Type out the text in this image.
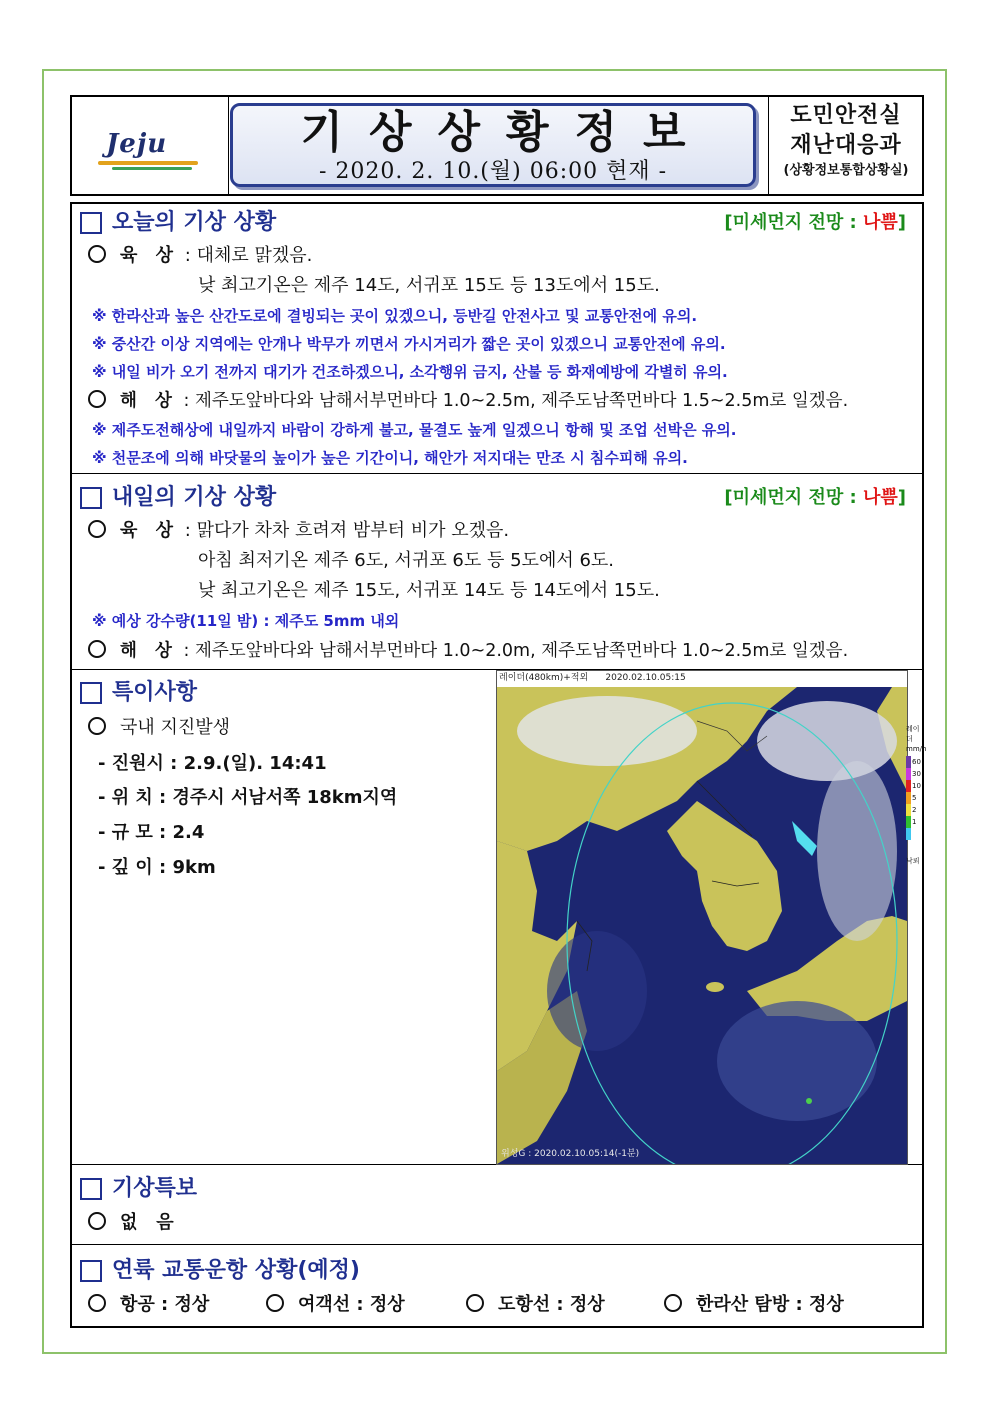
Jeju	기상상황정보
- 2020. 2. 10.(월) 06:00 현재 -
도민안전실
재난대응과
(상황정보통합상황실)
오늘의 기상 상황	[미세먼지 전망 : 나쁨]
육 상 : 대체로 맑겠음.
낮 최고기온은 제주 14도, 서귀포 15도 등 13도에서 15도.
※ 한라산과 높은 산간도로에 결빙되는 곳이 있겠으니, 등반길 안전사고 및 교통안전에 유의.
※ 중산간 이상 지역에는 안개나 박무가 끼면서 가시거리가 짧은 곳이 있겠으니 교통안전에 유의.
※ 내일 비가 오기 전까지 대기가 건조하겠으니, 소각행위 금지, 산불 등 화재예방에 각별히 유의.
해 상 : 제주도앞바다와 남해서부먼바다 1.0~2.5m, 제주도남쪽먼바다 1.5~2.5m로 일겠음.
※ 제주도전해상에 내일까지 바람이 강하게 불고, 물결도 높게 일겠으니 항해 및 조업 선박은 유의.
※ 천문조에 의해 바닷물의 높이가 높은 기간이니, 해안가 저지대는 만조 시 침수피해 유의.
내일의 기상 상황	[미세먼지 전망 : 나쁨]
육 상 : 맑다가 차차 흐려져 밤부터 비가 오겠음.
아침 최저기온 제주 6도, 서귀포 6도 등 5도에서 6도.
낮 최고기온은 제주 15도, 서귀포 14도 등 14도에서 15도.
※ 예상 강수량(11일 밤) : 제주도 5mm 내외
해 상 : 제주도앞바다와 남해서부먼바다 1.0~2.0m, 제주도남쪽먼바다 1.0~2.5m로 일겠음.
특이사항
국내 지진발생
- 진원시 : 2.9.(일). 14:41
- 위 치 : 경주시 서남서쪽 18km지역
- 규 모 : 2.4
- 깊 이 : 9km
레이더(480km)+적외 2020.02.10.05:15
위성G : 2020.02.10.05:14(-1분)
레이더
mm/h
60
30
10
5
2
1
낙뢰
기상특보
없   음
연륙 교통운항 상황(예정)
항공 : 정상	여객선 : 정상	도항선 : 정상	한라산 탐방 : 정상
